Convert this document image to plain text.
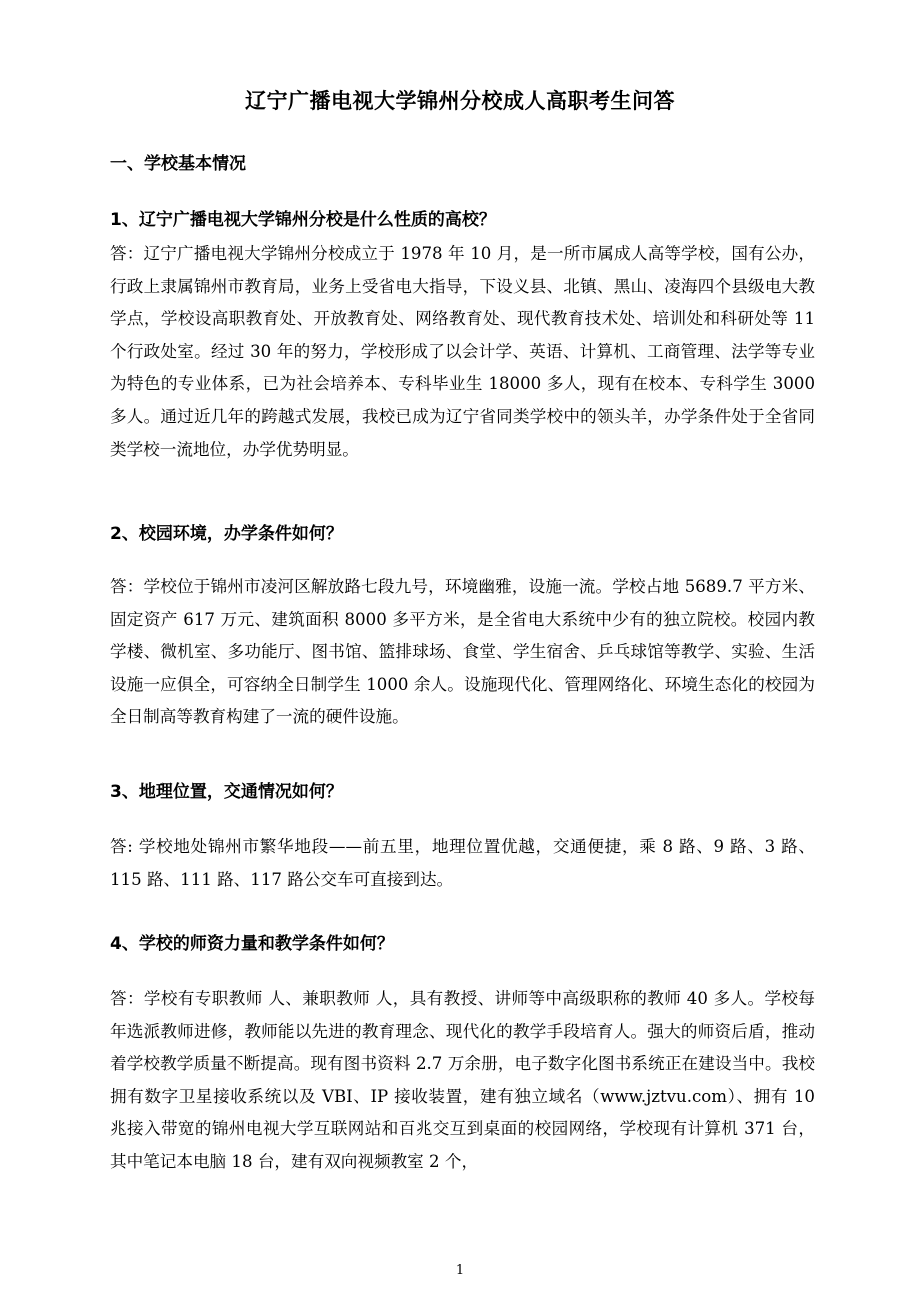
辽宁广播电视大学锦州分校成人高职考生问答
一、学校基本情况
1、辽宁广播电视大学锦州分校是什么性质的高校？

答：辽宁广播电视大学锦州分校成立于 1978 年 10 月，是一所市属成人高等学校，国有公办，行政上隶属锦州市教育局，业务上受省电大指导，下设义县、北镇、黑山、凌海四个县级电大教学点，学校设高职教育处、开放教育处、网络教育处、现代教育技术处、培训处和科研处等 11 个行政处室。经过 30 年的努力，学校形成了以会计学、英语、计算机、工商管理、法学等专业为特色的专业体系，已为社会培养本、专科毕业生 18000 多人，现有在校本、专科学生 3000 多人。通过近几年的跨越式发展，我校已成为辽宁省同类学校中的领头羊，办学条件处于全省同类学校一流地位，办学优势明显。

2、校园环境，办学条件如何？

答：学校位于锦州市凌河区解放路七段九号，环境幽雅，设施一流。学校占地 5689.7 平方米、固定资产 617 万元、建筑面积 8000 多平方米，是全省电大系统中少有的独立院校。校园内教学楼、微机室、多功能厅、图书馆、篮排球场、食堂、学生宿舍、乒乓球馆等教学、实验、生活设施一应俱全，可容纳全日制学生 1000 余人。设施现代化、管理网络化、环境生态化的校园为全日制高等教育构建了一流的硬件设施。

3、地理位置，交通情况如何？

答: 学校地处锦州市繁华地段——前五里，地理位置优越，交通便捷，乘 8 路、9 路、3 路、115 路、111 路、117 路公交车可直接到达。

4、学校的师资力量和教学条件如何？

答：学校有专职教师 人、兼职教师 人，具有教授、讲师等中高级职称的教师 40 多人。学校每年选派教师进修，教师能以先进的教育理念、现代化的教学手段培育人。强大的师资后盾，推动着学校教学质量不断提高。现有图书资料 2.7 万余册，电子数字化图书系统正在建设当中。我校拥有数字卫星接收系统以及 VBI、IP 接收装置，建有独立域名（www.jztvu.com）、拥有 10 兆接入带宽的锦州电视大学互联网站和百兆交互到桌面的校园网络，学校现有计算机 371 台，其中笔记本电脑 18 台，建有双向视频教室 2 个，

1
